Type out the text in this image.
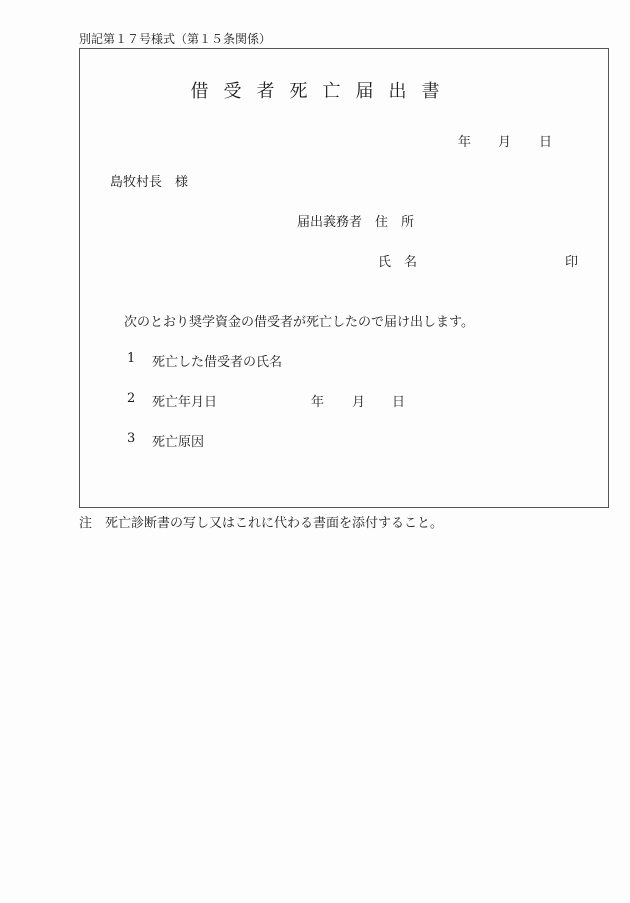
別記第１７号様式（第１５条関係）
借受者死亡届出書
年 月 日
島牧村長　様
届出義務者　住　所
氏　名	印
次のとおり奨学資金の借受者が死亡したので届け出します。
1 死亡した借受者の氏名
2 死亡年月日	年 月 日
3 死亡原因
注　死亡診断書の写し又はこれに代わる書面を添付すること。
